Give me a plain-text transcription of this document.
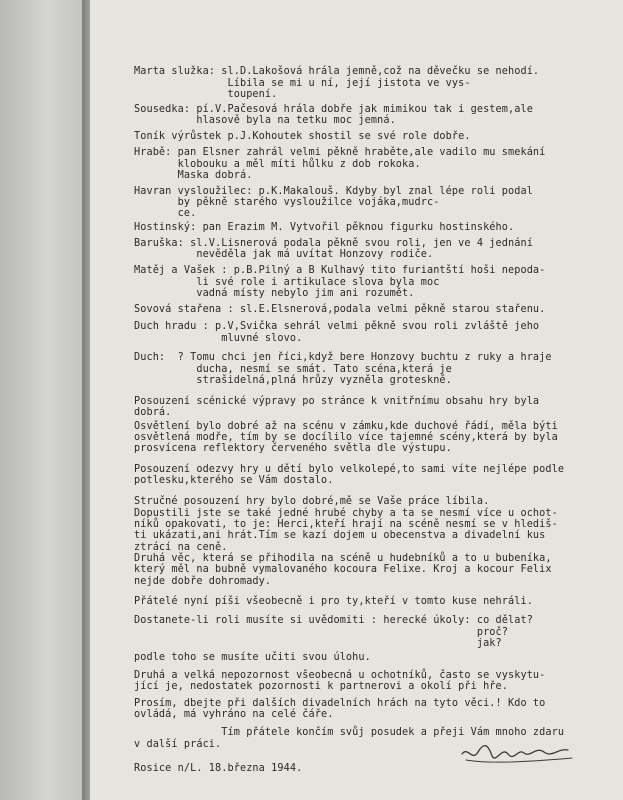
Marta služka: sl.D.Lakošová hrála jemně,což na děvečku se nehodí.
Líbila se mi u ní, její jistota ve vys-
toupení.
Sousedka: pí.V.Pačesová hrála dobře jak mimikou tak i gestem,ale
hlasově byla na tetku moc jemná.
Toník výrůstek p.J.Kohoutek shostil se své role dobře.
Hrabě: pan Elsner zahrál velmi pěkně hraběte,ale vadilo mu smekání
klobouku a měl míti hůlku z dob rokoka.
Maska dobrá.
Havran vysloužilec: p.K.Makalouš. Kdyby byl znal lépe roli podal
by pěkně starého vysloužilce vojáka,mudrc-
ce.
Hostinský: pan Erazim M. Vytvořil pěknou figurku hostinského.
Baruška: sl.V.Lisnerová podala pěkně svou roli, jen ve 4 jednání
nevěděla jak má uvítat Honzovy rodiče.
Matěj a Vašek : p.B.Pilný a B Kulhavý tito furiantští hoši nepoda-
li své role i artikulace slova byla moc
vadná místy nebylo jim ani rozumět.
Sovová stařena : sl.E.Elsnerová,podala velmi pěkně starou stařenu.
Duch hradu : p.V,Svička sehrál velmi pěkně svou roli zvláště jeho
mluvné slovo.
Duch:  ? Tomu chci jen říci,když bere Honzovy buchtu z ruky a hraje
ducha, nesmí se smát. Tato scéna,která je
strašidelná,plná hrůzy vyzněla groteskně.
Posouzení scénické výpravy po stránce k vnitřnímu obsahu hry byla
dobrá.
Osvětlení bylo dobré až na scénu v zámku,kde duchové řádí, měla býti
osvětlená modře, tím by se docílilo více tajemné scény,která by byla
prosvícena reflektory červeného světla dle výstupu.
Posouzení odezvy hry u dětí bylo velkolepé,to sami víte nejlépe podle
potlesku,kterého se Vám dostalo.
Stručné posouzení hry bylo dobré,mě se Vaše práce líbila.
Dopustili jste se také jedné hrubé chyby a ta se nesmí více u ochot-
níků opakovati, to je: Herci,kteří hrají na scéně nesmí se v hlediš-
ti ukázati,ani hrát.Tím se kazí dojem u obecenstva a divadelní kus
ztrácí na ceně.
Druhá věc, která se přihodila na scéně u hudebníků a to u bubeníka,
který měl na bubně vymalovaného kocoura Felixe. Kroj a kocour Felix
nejde dobře dohromady.
Přátelé nyní píši všeobecně i pro ty,kteří v tomto kuse nehráli.
Dostanete-li roli musíte si uvědomiti : herecké úkoly: co dělat?
proč?
jak?
podle toho se musíte učiti svou úlohu.
Druhá a velká nepozornost všeobecná u ochotníků, často se vyskytu-
jící je, nedostatek pozornosti k partnerovi a okolí při hře.
Prosím, dbejte při dalších divadelních hrách na tyto věci.! Kdo to
ovládá, má vyhráno na celé čáře.
Tím přátele končím svůj posudek a přeji Vám mnoho zdaru
v další práci.
Rosice n/L. 18.března 1944.
